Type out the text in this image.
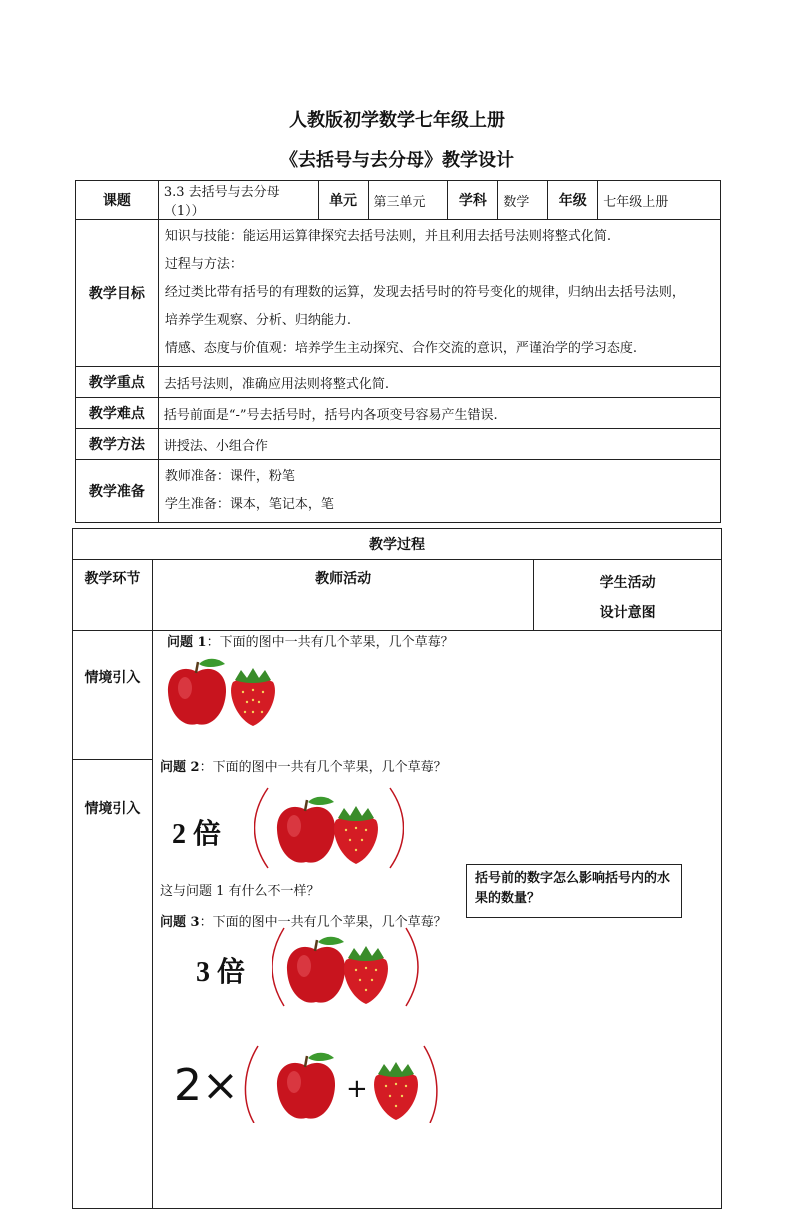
人教版初学数学七年级上册
《去括号与去分母》教学设计
课题	3.3 去括号与去分母（1））	单元	第三单元	学科	数学	年级	七年级上册
教学目标	知识与技能：能运用运算律探究去括号法则，并且利用去括号法则将整式化简.
过程与方法：
经过类比带有括号的有理数的运算，发现去括号时的符号变化的规律，归纳出去括号法则，
培养学生观察、分析、归纳能力.
情感、态度与价值观：培养学生主动探究、合作交流的意识，严谨治学的学习态度.						

教学重点	去括号法则，准确应用法则将整式化简.						
教学难点	括号前面是“-”号去括号时，括号内各项变号容易产生错误.						
教学方法	讲授法、小组合作						
教学准备	教师准备：课件，粉笔
学生准备：课本，笔记本，笔						
教学过程		
教学环节	教师活动	学生活动
设计意图

情境引入		
情境引入		
问题 1：下面的图中一共有几个苹果，几个草莓？
问题 2：下面的图中一共有几个苹果，几个草莓？
2 倍
这与问题 1 有什么不一样？
问题 3：下面的图中一共有几个苹果，几个草莓？
3 倍
2×	+
括号前的数字怎么影响括号内的水果的数量？
